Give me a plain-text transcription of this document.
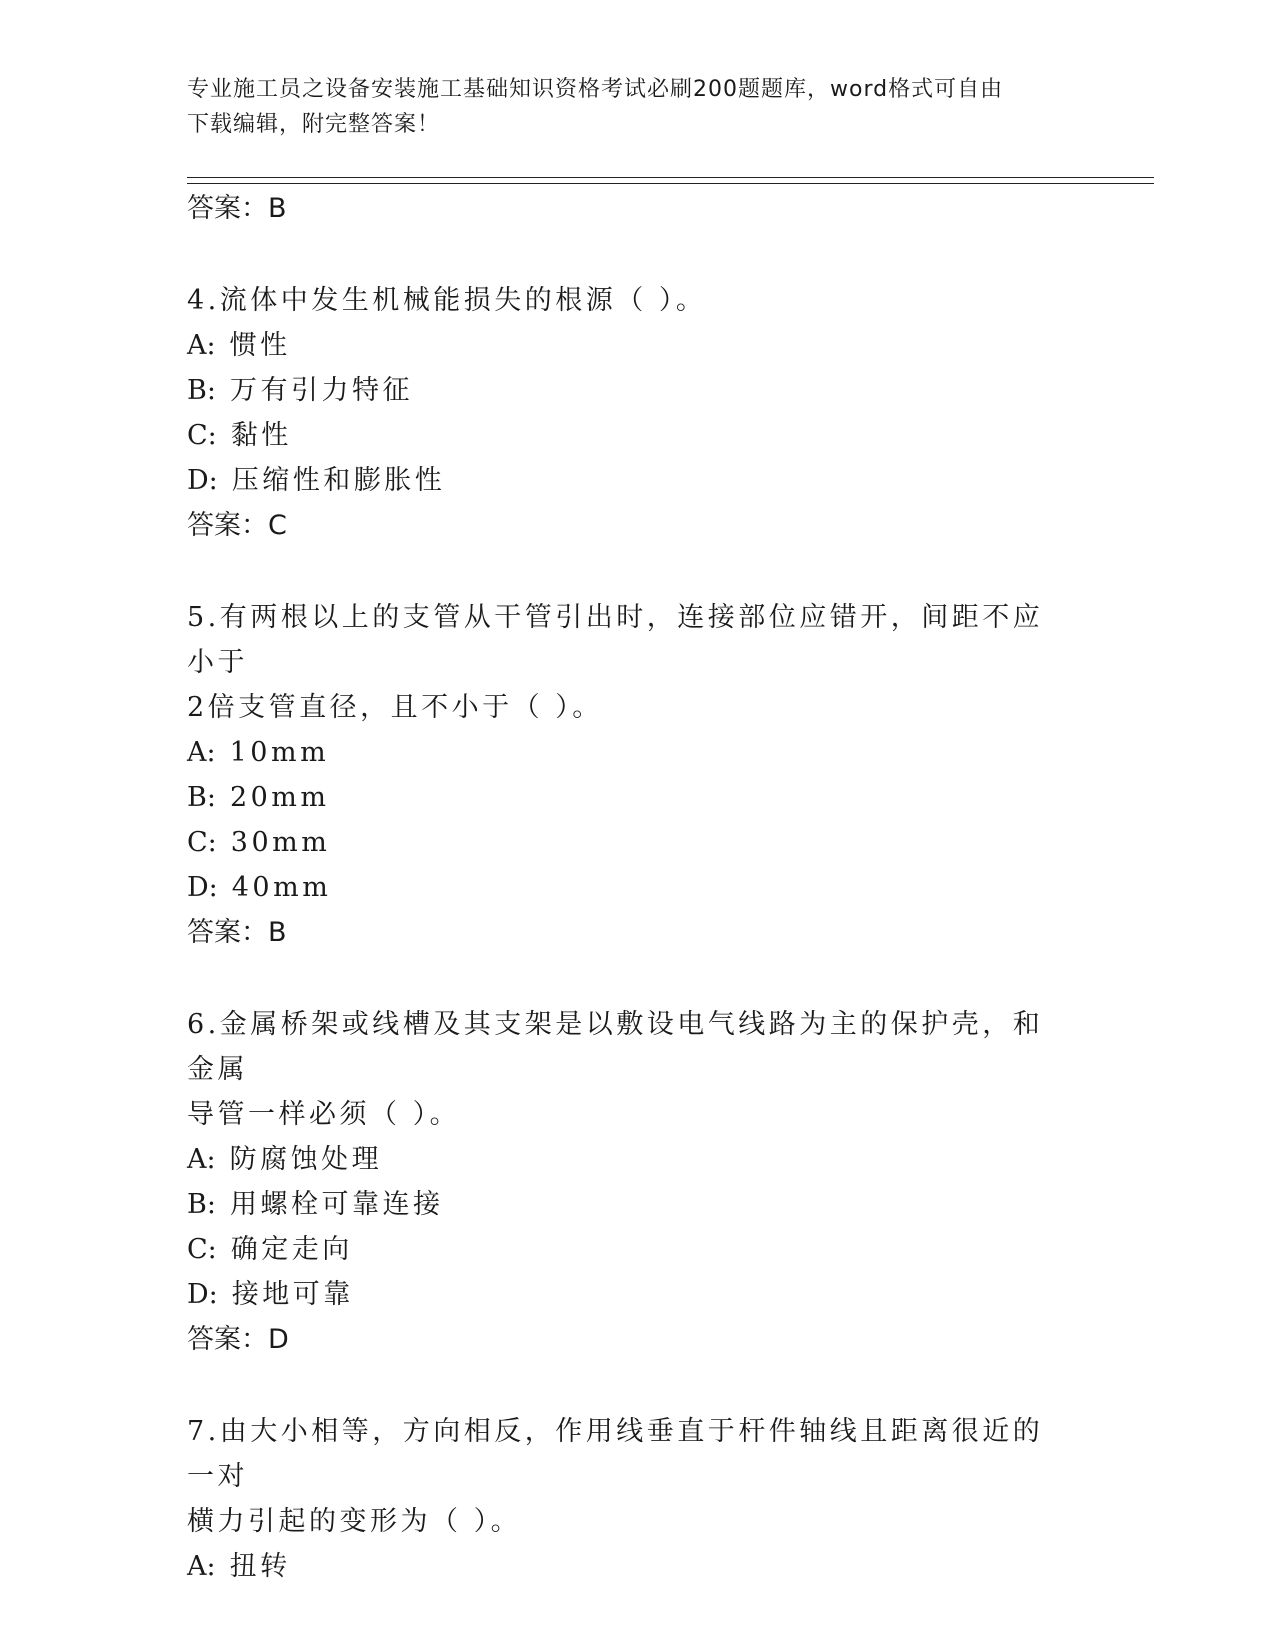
专业施工员之设备安装施工基础知识资格考试必刷200题题库，word格式可自由
下载编辑，附完整答案！
答案：B
4.流体中发生机械能损失的根源（ ）。
A: 惯性
B: 万有引力特征
C: 黏性
D: 压缩性和膨胀性
答案：C
5.有两根以上的支管从干管引出时，连接部位应错开，间距不应小于
2倍支管直径，且不小于（ ）。
A: 10mm
B: 20mm
C: 30mm
D: 40mm
答案：B
6.金属桥架或线槽及其支架是以敷设电气线路为主的保护壳，和金属
导管一样必须（ ）。
A: 防腐蚀处理
B: 用螺栓可靠连接
C: 确定走向
D: 接地可靠
答案：D
7.由大小相等，方向相反，作用线垂直于杆件轴线且距离很近的一对
横力引起的变形为（ ）。
A: 扭转
